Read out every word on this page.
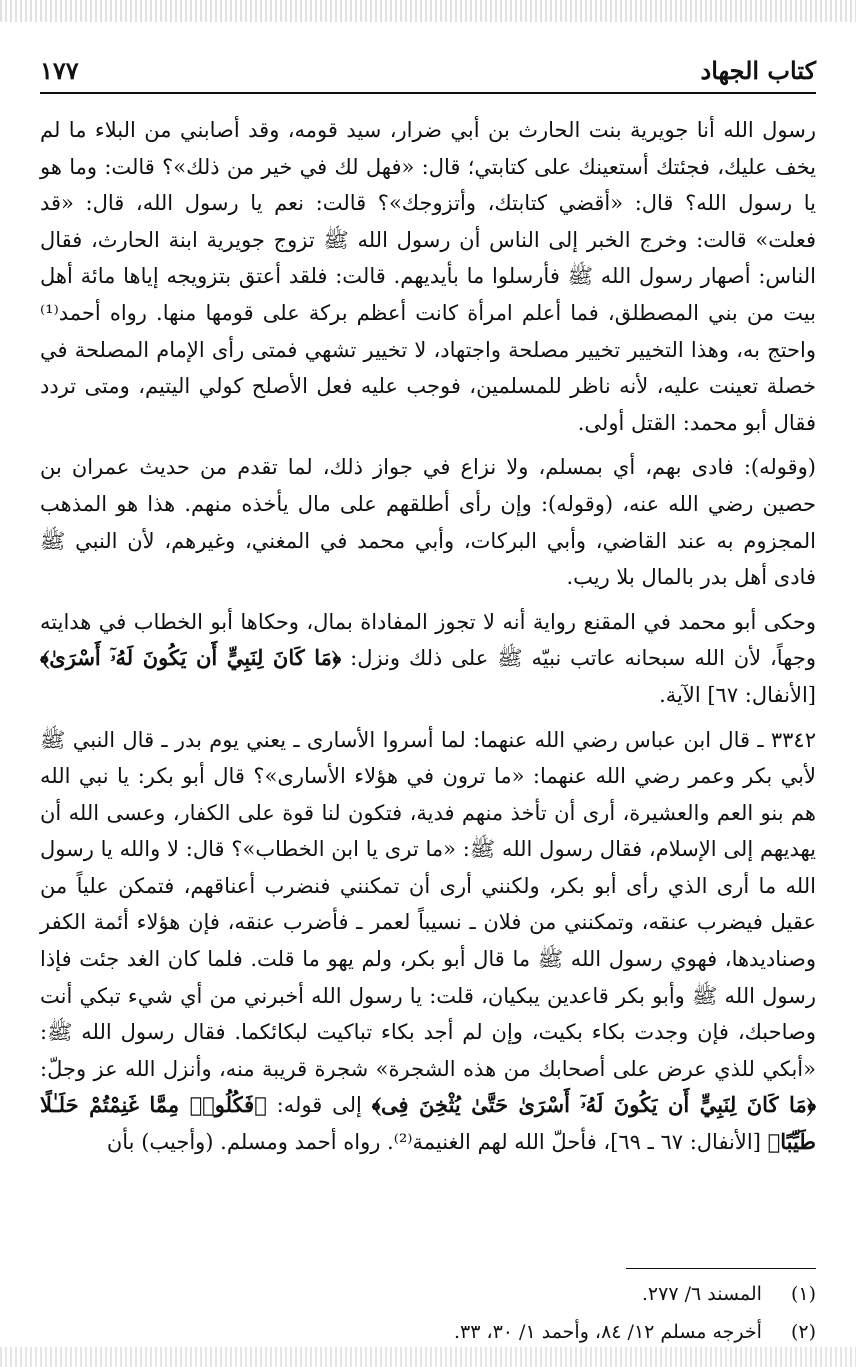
كتاب الجهاد
١٧٧

رسول الله أنا جويرية بنت الحارث بن أبي ضرار، سيد قومه، وقد أصابني من البلاء ما لم يخف عليك، فجئتك أستعينك على كتابتي؛ قال: «فهل لك في خير من ذلك»؟ قالت: وما هو يا رسول الله؟ قال: «أقضي كتابتك، وأتزوجك»؟ قالت: نعم يا رسول الله، قال: «قد فعلت» قالت: وخرج الخبر إلى الناس أن رسول الله ﷺ تزوج جويرية ابنة الحارث، فقال الناس: أصهار رسول الله ﷺ فأرسلوا ما بأيديهم. قالت: فلقد أعتق بتزويجه إياها مائة أهل بيت من بني المصطلق، فما أعلم امرأة كانت أعظم بركة على قومها منها. رواه أحمد⁽¹⁾ واحتج به، وهذا التخيير تخيير مصلحة واجتهاد، لا تخيير تشهي فمتى رأى الإمام المصلحة في خصلة تعينت عليه، لأنه ناظر للمسلمين، فوجب عليه فعل الأصلح كولي اليتيم، ومتى تردد فقال أبو محمد: القتل أولى.

(وقوله): فادى بهم، أي بمسلم، ولا نزاع في جواز ذلك، لما تقدم من حديث عمران بن حصين رضي الله عنه، (وقوله): وإن رأى أطلقهم على مال يأخذه منهم. هذا هو المذهب المجزوم به عند القاضي، وأبي البركات، وأبي محمد في المغني، وغيرهم، لأن النبي ﷺ فادى أهل بدر بالمال بلا ريب.

وحكى أبو محمد في المقنع رواية أنه لا تجوز المفاداة بمال، وحكاها أبو الخطاب في هدايته وجهاً، لأن الله سبحانه عاتب نبيّه ﷺ على ذلك ونزل: ﴿مَا كَانَ لِنَبِيٍّ أَن يَكُونَ لَهُۥٓ أَسْرَىٰ﴾ [الأنفال: ٦٧] الآية.

٣٣٤٢ ـ قال ابن عباس رضي الله عنهما: لما أسروا الأسارى ـ يعني يوم بدر ـ قال النبي ﷺ لأبي بكر وعمر رضي الله عنهما: «ما ترون في هؤلاء الأسارى»؟ قال أبو بكر: يا نبي الله هم بنو العم والعشيرة، أرى أن تأخذ منهم فدية، فتكون لنا قوة على الكفار، وعسى الله أن يهديهم إلى الإسلام، فقال رسول الله ﷺ: «ما ترى يا ابن الخطاب»؟ قال: لا والله يا رسول الله ما أرى الذي رأى أبو بكر، ولكنني أرى أن تمكنني فنضرب أعناقهم، فتمكن علياً من عقيل فيضرب عنقه، وتمكنني من فلان ـ نسيباً لعمر ـ فأضرب عنقه، فإن هؤلاء أئمة الكفر وصناديدها، فهوي رسول الله ﷺ ما قال أبو بكر، ولم يهو ما قلت. فلما كان الغد جئت فإذا رسول الله ﷺ وأبو بكر قاعدين يبكيان، قلت: يا رسول الله أخبرني من أي شيء تبكي أنت وصاحبك، فإن وجدت بكاء بكيت، وإن لم أجد بكاء تباكيت لبكائكما. فقال رسول الله ﷺ: «أبكي للذي عرض على أصحابك من هذه الشجرة» شجرة قريبة منه، وأنزل الله عز وجلّ: ﴿مَا كَانَ لِنَبِيٍّ أَن يَكُونَ لَهُۥٓ أَسْرَىٰ حَتَّىٰ يُثْخِنَ فِى﴾ إلى قوله: ﴿فَكُلُوا۟ مِمَّا غَنِمْتُمْ حَلَـٰلًا طَيِّبًا﴾ [الأنفال: ٦٧ ـ ٦٩]، فأحلّ الله لهم الغنيمة⁽²⁾. رواه أحمد ومسلم. (وأجيب) بأن

(١) المسند ٦/ ٢٧٧.
(٢) أخرجه مسلم ١٢/ ٨٤، وأحمد ١/ ٣٠، ٣٣.
